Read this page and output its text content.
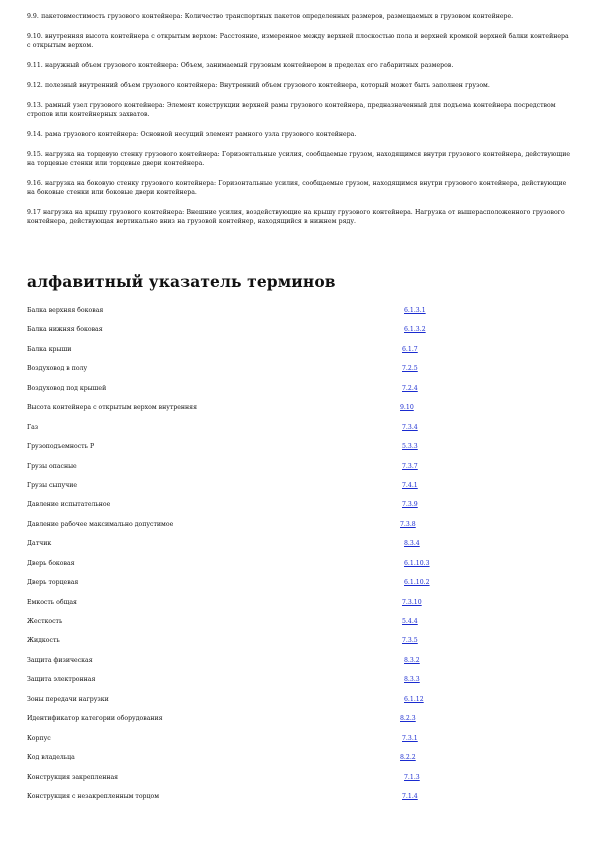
9.9. пакетовместимость грузового контейнера: Количество транспортных пакетов определенных размеров, размещаемых в грузовом контейнере.

9.10. внутренняя высота контейнера с открытым верхом: Расстояние, измеренное между верхней плоскостью пола и верхней кромкой верхней балки контейнера с открытым верхом.

9.11. наружный объем грузового контейнера: Объем, занимаемый грузовым контейнером в пределах его габаритных размеров.

9.12. полезный внутренний объем грузового контейнера: Внутренний объем грузового контейнера, который может быть заполнен грузом.

9.13. рамный узел грузового контейнера: Элемент конструкции верхней рамы грузового контейнера, предназначенный для подъема контейнера посредством стропов или контейнерных захватов.

9.14. рама грузового контейнера: Основной несущий элемент рамного узла грузового контейнера.

9.15. нагрузка на торцевую стенку грузового контейнера: Горизонтальные усилия, сообщаемые грузом, находящимся внутри грузового контейнера, действующие на торцевые стенки или торцевые двери контейнера.

9.16. нагрузка на боковую стенку грузового контейнера: Горизонтальные усилия, сообщаемые грузом, находящимся внутри грузового контейнера, действующие на боковые стенки или боковые двери контейнера.

9.17 нагрузка на крышу грузового контейнера: Внешние усилия, воздействующие на крышу грузового контейнера. Нагрузка от вышерасположенного грузового контейнера, действующая вертикально вниз на грузовой контейнер, находящийся в нижнем ряду.

алфавитный указатель терминов
Балка верхняя боковая	6.1.3.1
Балка нижняя боковая	6.1.3.2
Балка крыши	6.1.7
Воздуховод в полу	7.2.5
Воздуховод под крышей	7.2.4
Высота контейнера с открытым верхом внутренняя	9.10
Газ	7.3.4
Грузоподъемность P	5.3.3
Грузы опасные	7.3.7
Грузы сыпучие	7.4.1
Давление испытательное	7.3.9
Давление рабочее максимально допустимое	7.3.8
Датчик	8.3.4
Дверь боковая	6.1.10.3
Дверь торцевая	6.1.10.2
Емкость общая	7.3.10
Жесткость	5.4.4
Жидкость	7.3.5
Защита физическая	8.3.2
Защита электронная	8.3.3
Зоны передачи нагрузки	6.1.12
Идентификатор категории оборудования	8.2.3
Корпус	7.3.1
Код владельца	8.2.2
Конструкция закрепленная	7.1.3
Конструкция с незакрепленным торцом	7.1.4
